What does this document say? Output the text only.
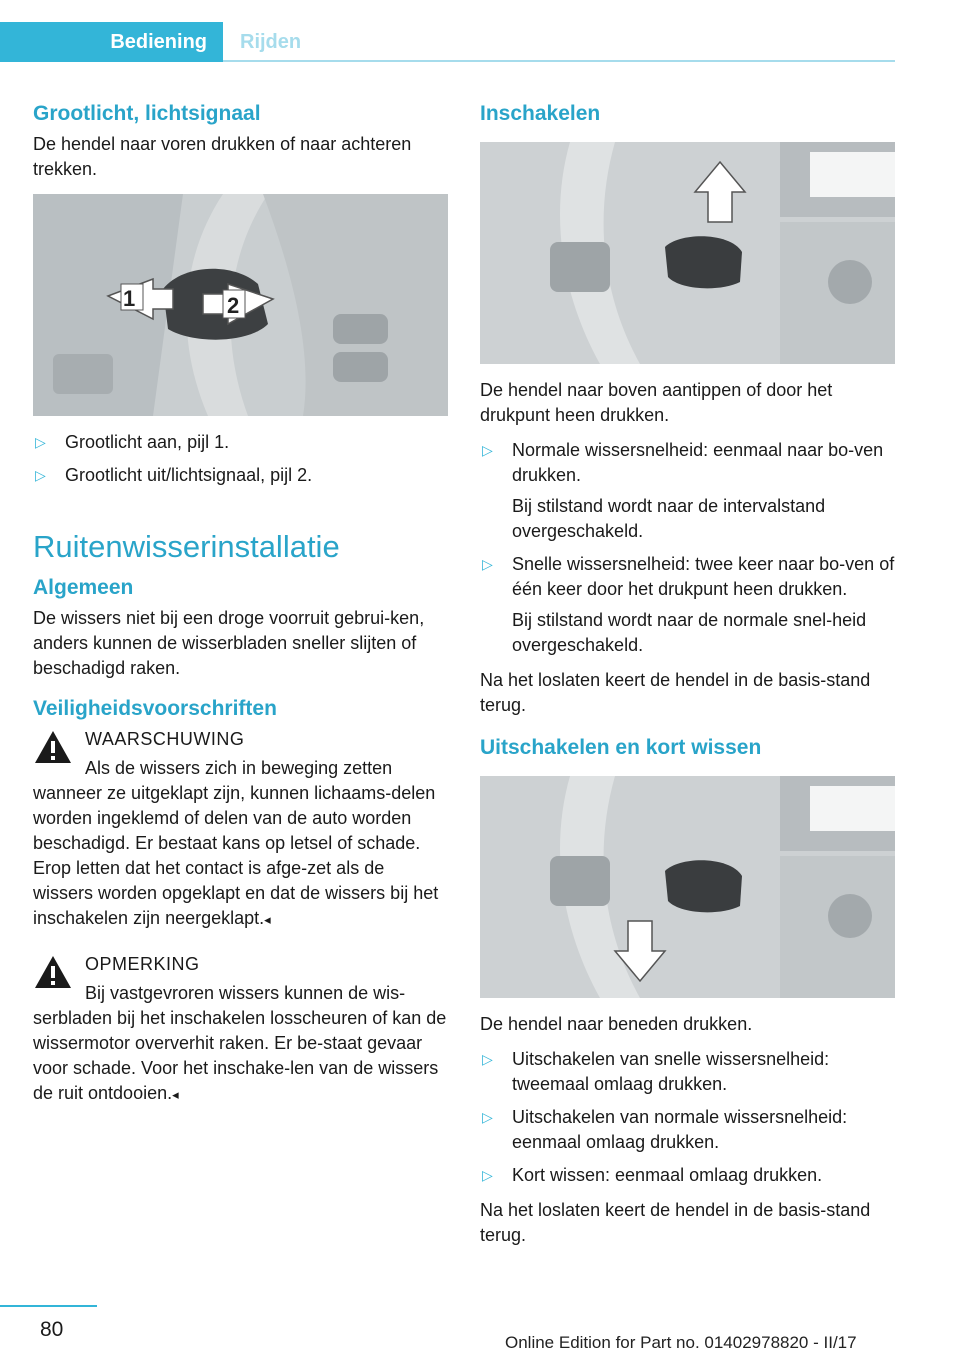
Bediening	Rijden
Grootlicht, lichtsignaal

De hendel naar voren drukken of naar achteren trekken.

1	2
▷ Grootlicht aan, pijl 1.
▷ Grootlicht uit/lichtsignaal, pijl 2.
Ruitenwisserinstallatie
Algemeen

De wissers niet bij een droge voorruit gebrui-ken, anders kunnen de wisserbladen sneller slijten of beschadigd raken.

Veiligheidsvoorschriften
WAARSCHUWING
Als de wissers zich in beweging zetten wanneer ze uitgeklapt zijn, kunnen lichaams-delen worden ingeklemd of delen van de auto worden beschadigd. Er bestaat kans op letsel of schade. Erop letten dat het contact is afge-zet als de wissers worden opgeklapt en dat de wissers bij het inschakelen zijn neergeklapt.◂
OPMERKING
Bij vastgevroren wissers kunnen de wis-serbladen bij het inschakelen losscheuren of kan de wissermotor oververhit raken. Er be-staat gevaar voor schade. Voor het inschake-len van de wissers de ruit ontdooien.◂
Inschakelen

De hendel naar boven aantippen of door het drukpunt heen drukken.

▷ Normale wissersnelheid: eenmaal naar bo-ven drukken.

Bij stilstand wordt naar de intervalstand overgeschakeld.

▷ Snelle wissersnelheid: twee keer naar bo-ven of één keer door het drukpunt heen drukken.

Bij stilstand wordt naar de normale snel-heid overgeschakeld.

Na het loslaten keert de hendel in de basis-stand terug.

Uitschakelen en kort wissen

De hendel naar beneden drukken.

▷ Uitschakelen van snelle wissersnelheid: tweemaal omlaag drukken.
▷ Uitschakelen van normale wissersnelheid: eenmaal omlaag drukken.
▷ Kort wissen: eenmaal omlaag drukken.

Na het loslaten keert de hendel in de basis-stand terug.

80
Online Edition for Part no. 01402978820 - II/17
